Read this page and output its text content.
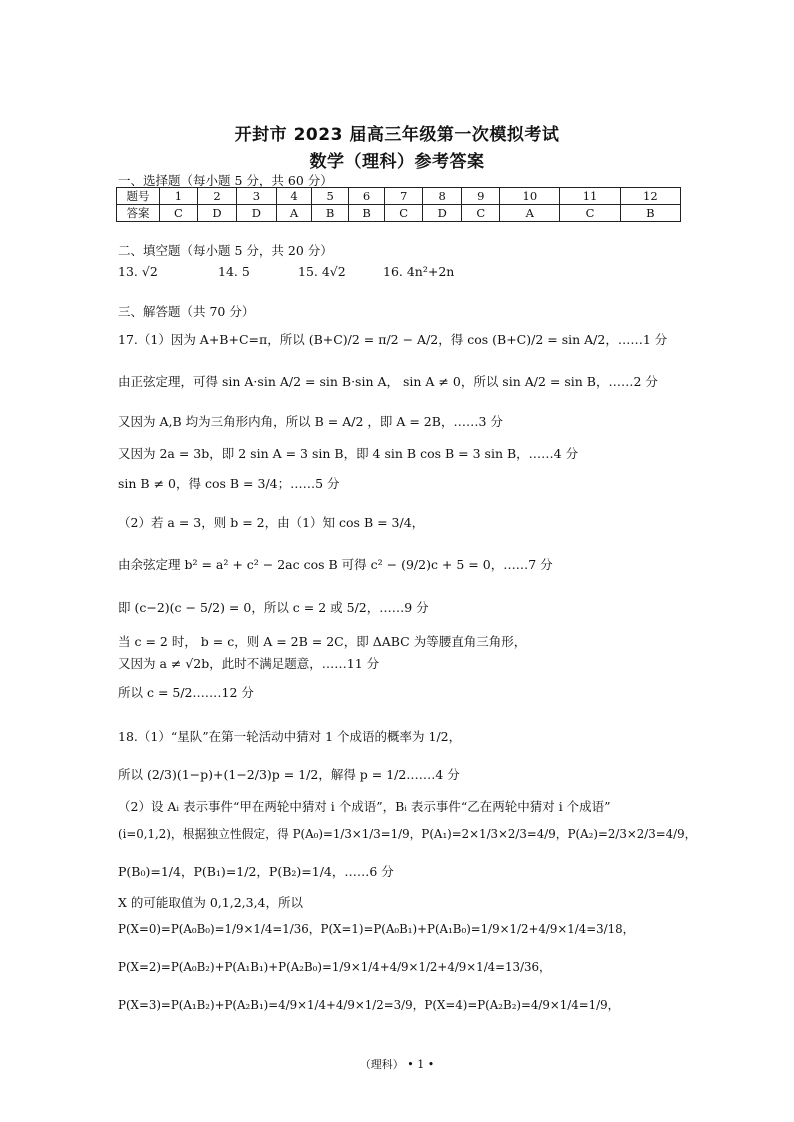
开封市 2023 届高三年级第一次模拟考试
数学（理科）参考答案
一、选择题（每小题 5 分，共 60 分）
题号	1	2	3	4	5	6	7	8	9	10	11	12
答案	C	D	D	A	B	B	C	D	C	A	C	B
二、填空题（每小题 5 分，共 20 分）
13. √2	14. 5	15. 4√2	16. 4n²+2n
三、解答题（共 70 分）
17.（1）因为 A+B+C=π，所以 (B+C)/2 = π/2 − A/2，得 cos (B+C)/2 = sin A/2，……1 分
由正弦定理，可得 sin A·sin A/2 = sin B·sin A， sin A ≠ 0，所以 sin A/2 = sin B，……2 分
又因为 A,B 均为三角形内角，所以 B = A/2 ，即 A = 2B，……3 分
又因为 2a = 3b，即 2 sin A = 3 sin B，即 4 sin B cos B = 3 sin B，……4 分
sin B ≠ 0，得 cos B = 3/4；……5 分
（2）若 a = 3，则 b = 2，由（1）知 cos B = 3/4，
由余弦定理 b² = a² + c² − 2ac cos B 可得 c² − (9/2)c + 5 = 0，……7 分
即 (c−2)(c − 5/2) = 0，所以 c = 2 或 5/2，……9 分
当 c = 2 时， b = c，则 A = 2B = 2C，即 ΔABC 为等腰直角三角形，
又因为 a ≠ √2b，此时不满足题意，……11 分
所以 c = 5/2.……12 分
18.（1）“星队”在第一轮活动中猜对 1 个成语的概率为 1/2，
所以 (2/3)(1−p)+(1−2/3)p = 1/2，解得 p = 1/2.……4 分
（2）设 Aᵢ 表示事件“甲在两轮中猜对 i 个成语”，Bᵢ 表示事件“乙在两轮中猜对 i 个成语”
(i=0,1,2)，根据独立性假定，得 P(A₀)=1/3×1/3=1/9，P(A₁)=2×1/3×2/3=4/9，P(A₂)=2/3×2/3=4/9，
P(B₀)=1/4，P(B₁)=1/2，P(B₂)=1/4，……6 分
X 的可能取值为 0,1,2,3,4，所以
P(X=0)=P(A₀B₀)=1/9×1/4=1/36，P(X=1)=P(A₀B₁)+P(A₁B₀)=1/9×1/2+4/9×1/4=3/18，
P(X=2)=P(A₀B₂)+P(A₁B₁)+P(A₂B₀)=1/9×1/4+4/9×1/2+4/9×1/4=13/36，
P(X=3)=P(A₁B₂)+P(A₂B₁)=4/9×1/4+4/9×1/2=3/9，P(X=4)=P(A₂B₂)=4/9×1/4=1/9，
（理科） • 1 •
